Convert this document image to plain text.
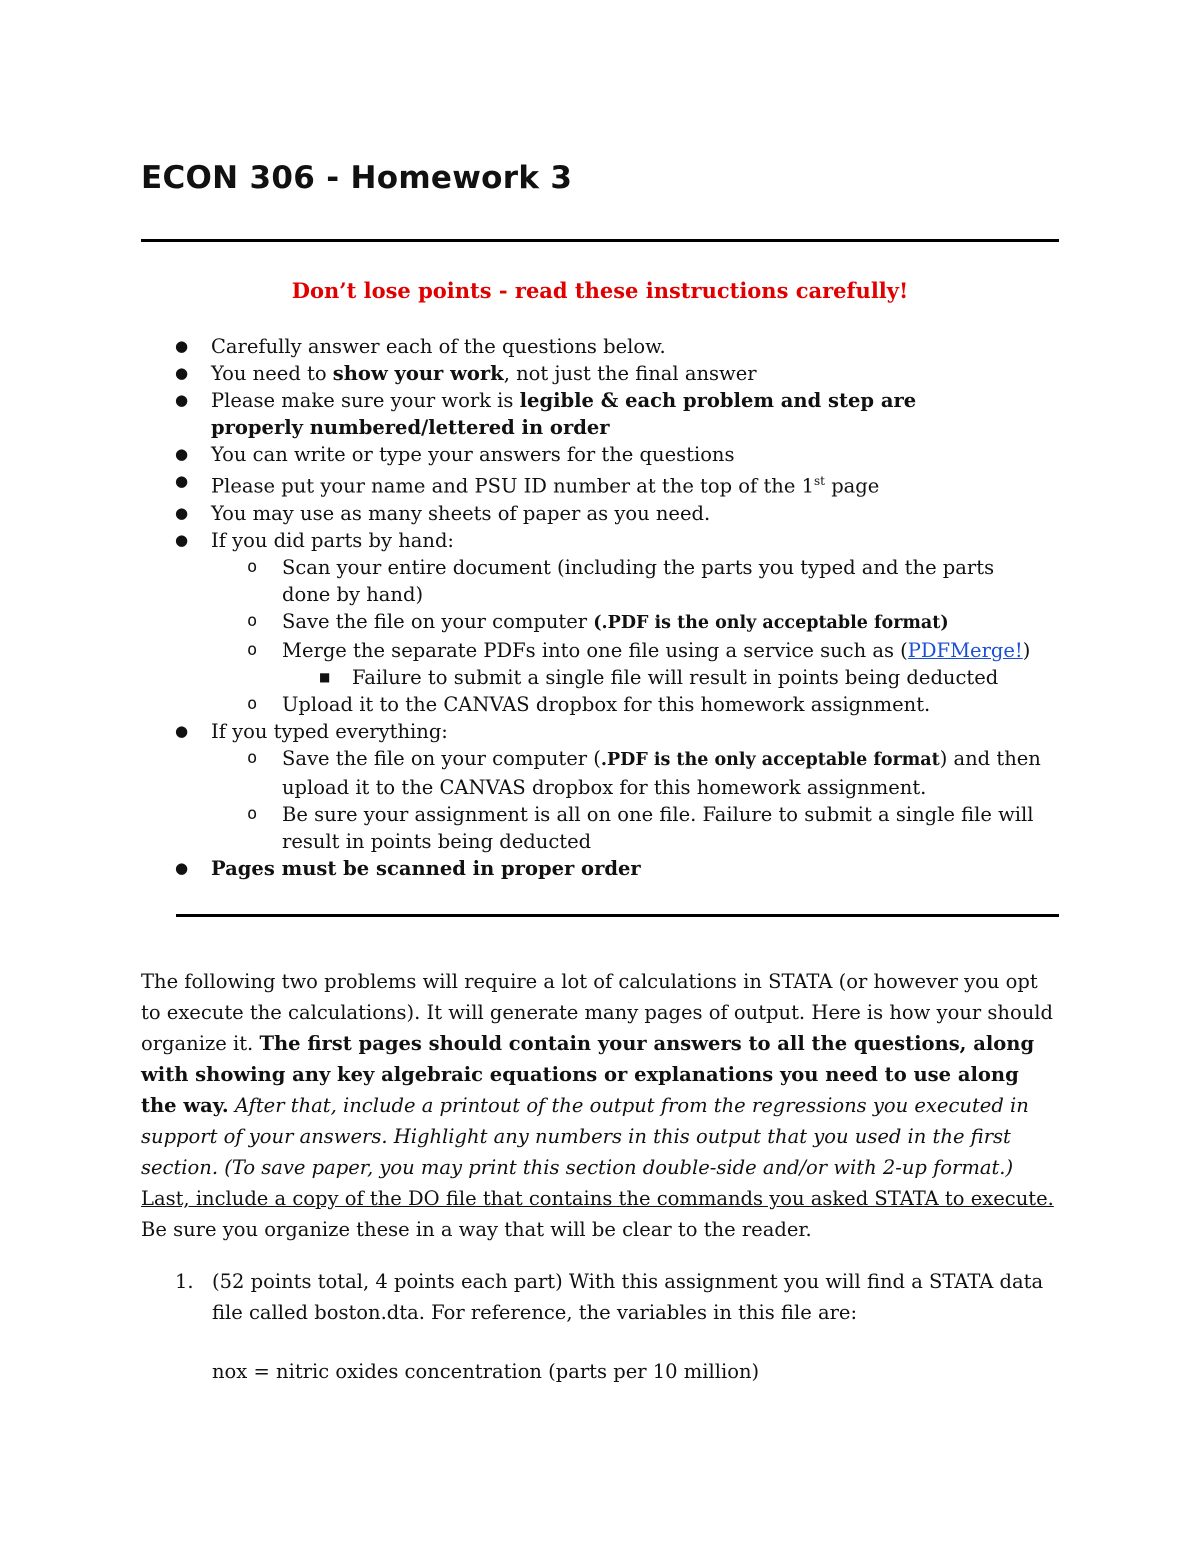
ECON 306 - Homework 3

Don’t lose points - read these instructions carefully!

● Carefully answer each of the questions below.
● You need to show your work, not just the final answer
● Please make sure your work is legible & each problem and step are properly numbered/lettered in order
● You can write or type your answers for the questions
● Please put your name and PSU ID number at the top of the 1st page
● You may use as many sheets of paper as you need.
● If you did parts by hand:
o Scan your entire document (including the parts you typed and the parts done by hand)
o Save the file on your computer (.PDF is the only acceptable format)
o Merge the separate PDFs into one file using a service such as (PDFMerge!)
■ Failure to submit a single file will result in points being deducted
o Upload it to the CANVAS dropbox for this homework assignment.
● If you typed everything:
o Save the file on your computer (.PDF is the only acceptable format) and then upload it to the CANVAS dropbox for this homework assignment.
o Be sure your assignment is all on one file. Failure to submit a single file will result in points being deducted
● Pages must be scanned in proper order

The following two problems will require a lot of calculations in STATA (or however you opt to execute the calculations). It will generate many pages of output. Here is how your should organize it. The first pages should contain your answers to all the questions, along with showing any key algebraic equations or explanations you need to use along the way. After that, include a printout of the output from the regressions you executed in support of your answers. Highlight any numbers in this output that you used in the first section. (To save paper, you may print this section double-side and/or with 2-up format.) Last, include a copy of the DO file that contains the commands you asked STATA to execute. Be sure you organize these in a way that will be clear to the reader.

1. (52 points total, 4 points each part) With this assignment you will find a STATA data file called boston.dta. For reference, the variables in this file are:

nox = nitric oxides concentration (parts per 10 million)
